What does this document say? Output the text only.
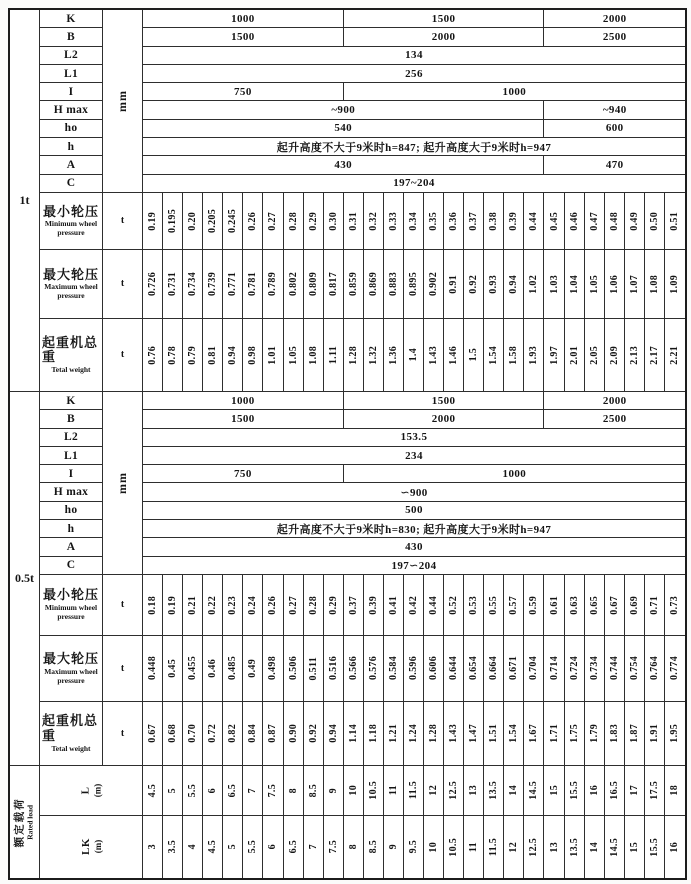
1t
mm
K	1000	1500	2000
B	1500	2000	2500
L2	134
L1	256
I	750	1000
H max	~900	~940
ho	540	600
h	起升高度不大于9米时h=847; 起升高度大于9米时h=947
A	430	470
C	197~204
最小轮压
Minimum wheel pressure
t 0.19 0.195 0.20 0.205 0.245 0.26 0.27 0.28 0.29 0.30 0.31 0.32 0.33 0.34 0.35 0.36 0.37 0.38 0.39 0.44 0.45 0.46 0.47 0.48 0.49 0.50 0.51
最大轮压
Maximum wheel pressure
t 0.726 0.731 0.734 0.739 0.771 0.781 0.789 0.802 0.809 0.817 0.859 0.869 0.883 0.895 0.902 0.91 0.92 0.93 0.94 1.02 1.03 1.04 1.05 1.06 1.07 1.08 1.09
起重机总重
Tetal weight
t 0.76 0.78 0.79 0.81 0.94 0.98 1.01 1.05 1.08 1.11 1.28 1.32 1.36 1.4 1.43 1.46 1.5 1.54 1.58 1.93 1.97 2.01 2.05 2.09 2.13 2.17 2.21
0.5t
mm
K	1000	1500	2000
B	1500	2000	2500
L2	153.5
L1	234
I	750	1000
H max	∽900
ho	500
h	起升高度不大于9米时h=830; 起升高度大于9米时h=947
A	430
C	197∽204
最小轮压
Minimum wheel pressure
t 0.18 0.19 0.21 0.22 0.23 0.24 0.26 0.27 0.28 0.29 0.37 0.39 0.41 0.42 0.44 0.52 0.53 0.55 0.57 0.59 0.61 0.63 0.65 0.67 0.69 0.71 0.73
最大轮压
Maximum wheel pressure
t 0.448 0.45 0.455 0.46 0.485 0.49 0.498 0.506 0.511 0.516 0.566 0.576 0.584 0.596 0.606 0.644 0.654 0.664 0.671 0.704 0.714 0.724 0.734 0.744 0.754 0.764 0.774
起重机总重
Tetal weight
t 0.67 0.68 0.70 0.72 0.82 0.84 0.87 0.90 0.92 0.94 1.14 1.18 1.21 1.24 1.28 1.43 1.47 1.51 1.54 1.67 1.71 1.75 1.79 1.83 1.87 1.91 1.95
额定载荷 Rated load
L (m)	4.5 5 5.5 6 6.5 7 7.5 8 8.5 9 10 10.5 11 11.5 12 12.5 13 13.5 14 14.5 15 15.5 16 16.5 17 17.5 18
LK (m)	3 3.5 4 4.5 5 5.5 6 6.5 7 7.5 8 8.5 9 9.5 10 10.5 11 11.5 12 12.5 13 13.5 14 14.5 15 15.5 16
